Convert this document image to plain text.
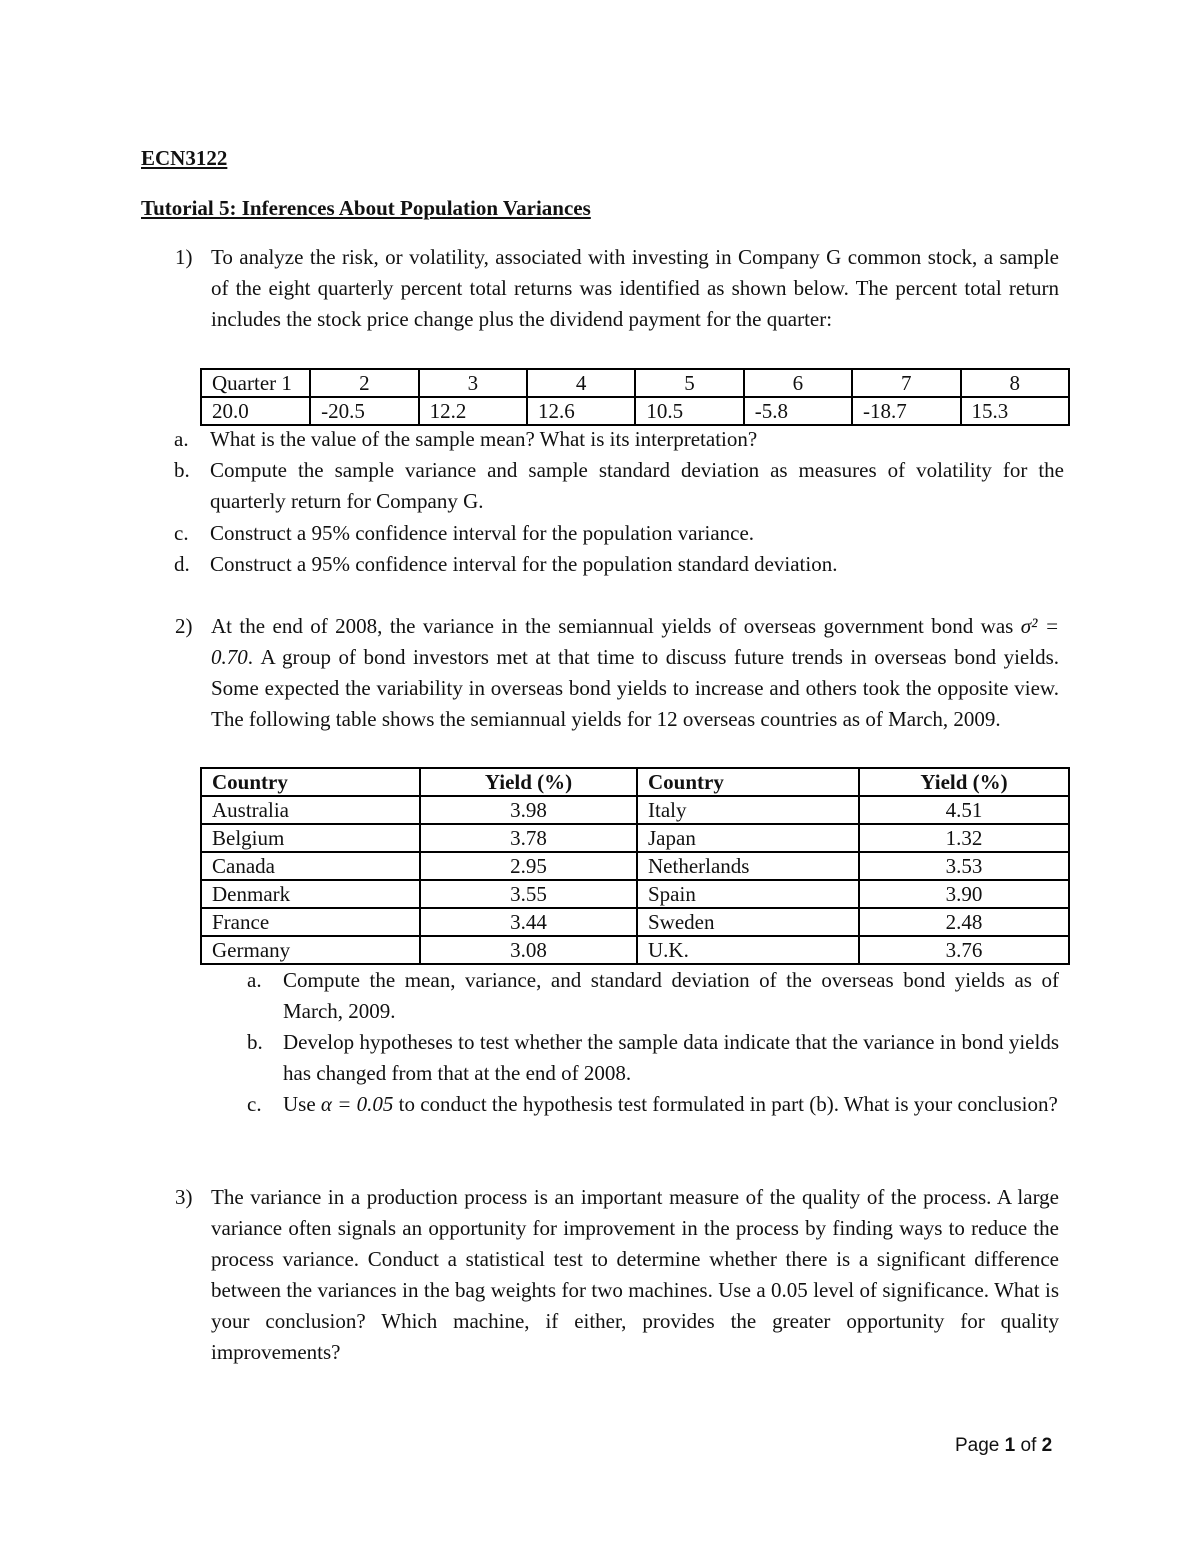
ECN3122
Tutorial 5: Inferences About Population Variances
1) To analyze the risk, or volatility, associated with investing in Company G common stock, a sample of the eight quarterly percent total returns was identified as shown below. The percent total return includes the stock price change plus the dividend payment for the quarter:
Quarter 1	2	3	4	5	6	7	8
20.0	-20.5	12.2	12.6	10.5	-5.8	-18.7	15.3
a. What is the value of the sample mean? What is its interpretation?
b. Compute the sample variance and sample standard deviation as measures of volatility for the quarterly return for Company G.
c. Construct a 95% confidence interval for the population variance.
d. Construct a 95% confidence interval for the population standard deviation.
2) At the end of 2008, the variance in the semiannual yields of overseas government bond was σ² = 0.70. A group of bond investors met at that time to discuss future trends in overseas bond yields. Some expected the variability in overseas bond yields to increase and others took the opposite view. The following table shows the semiannual yields for 12 overseas countries as of March, 2009.
Country	Yield (%)	Country	Yield (%)
Australia	3.98	Italy	4.51
Belgium	3.78	Japan	1.32
Canada	2.95	Netherlands	3.53
Denmark	3.55	Spain	3.90
France	3.44	Sweden	2.48
Germany	3.08	U.K.	3.76
a. Compute the mean, variance, and standard deviation of the overseas bond yields as of March, 2009.
b. Develop hypotheses to test whether the sample data indicate that the variance in bond yields has changed from that at the end of 2008.
c. Use α = 0.05 to conduct the hypothesis test formulated in part (b). What is your conclusion?
3) The variance in a production process is an important measure of the quality of the process. A large variance often signals an opportunity for improvement in the process by finding ways to reduce the process variance. Conduct a statistical test to determine whether there is a significant difference between the variances in the bag weights for two machines. Use a 0.05 level of significance. What is your conclusion? Which machine, if either, provides the greater opportunity for quality improvements?
Page 1 of 2
